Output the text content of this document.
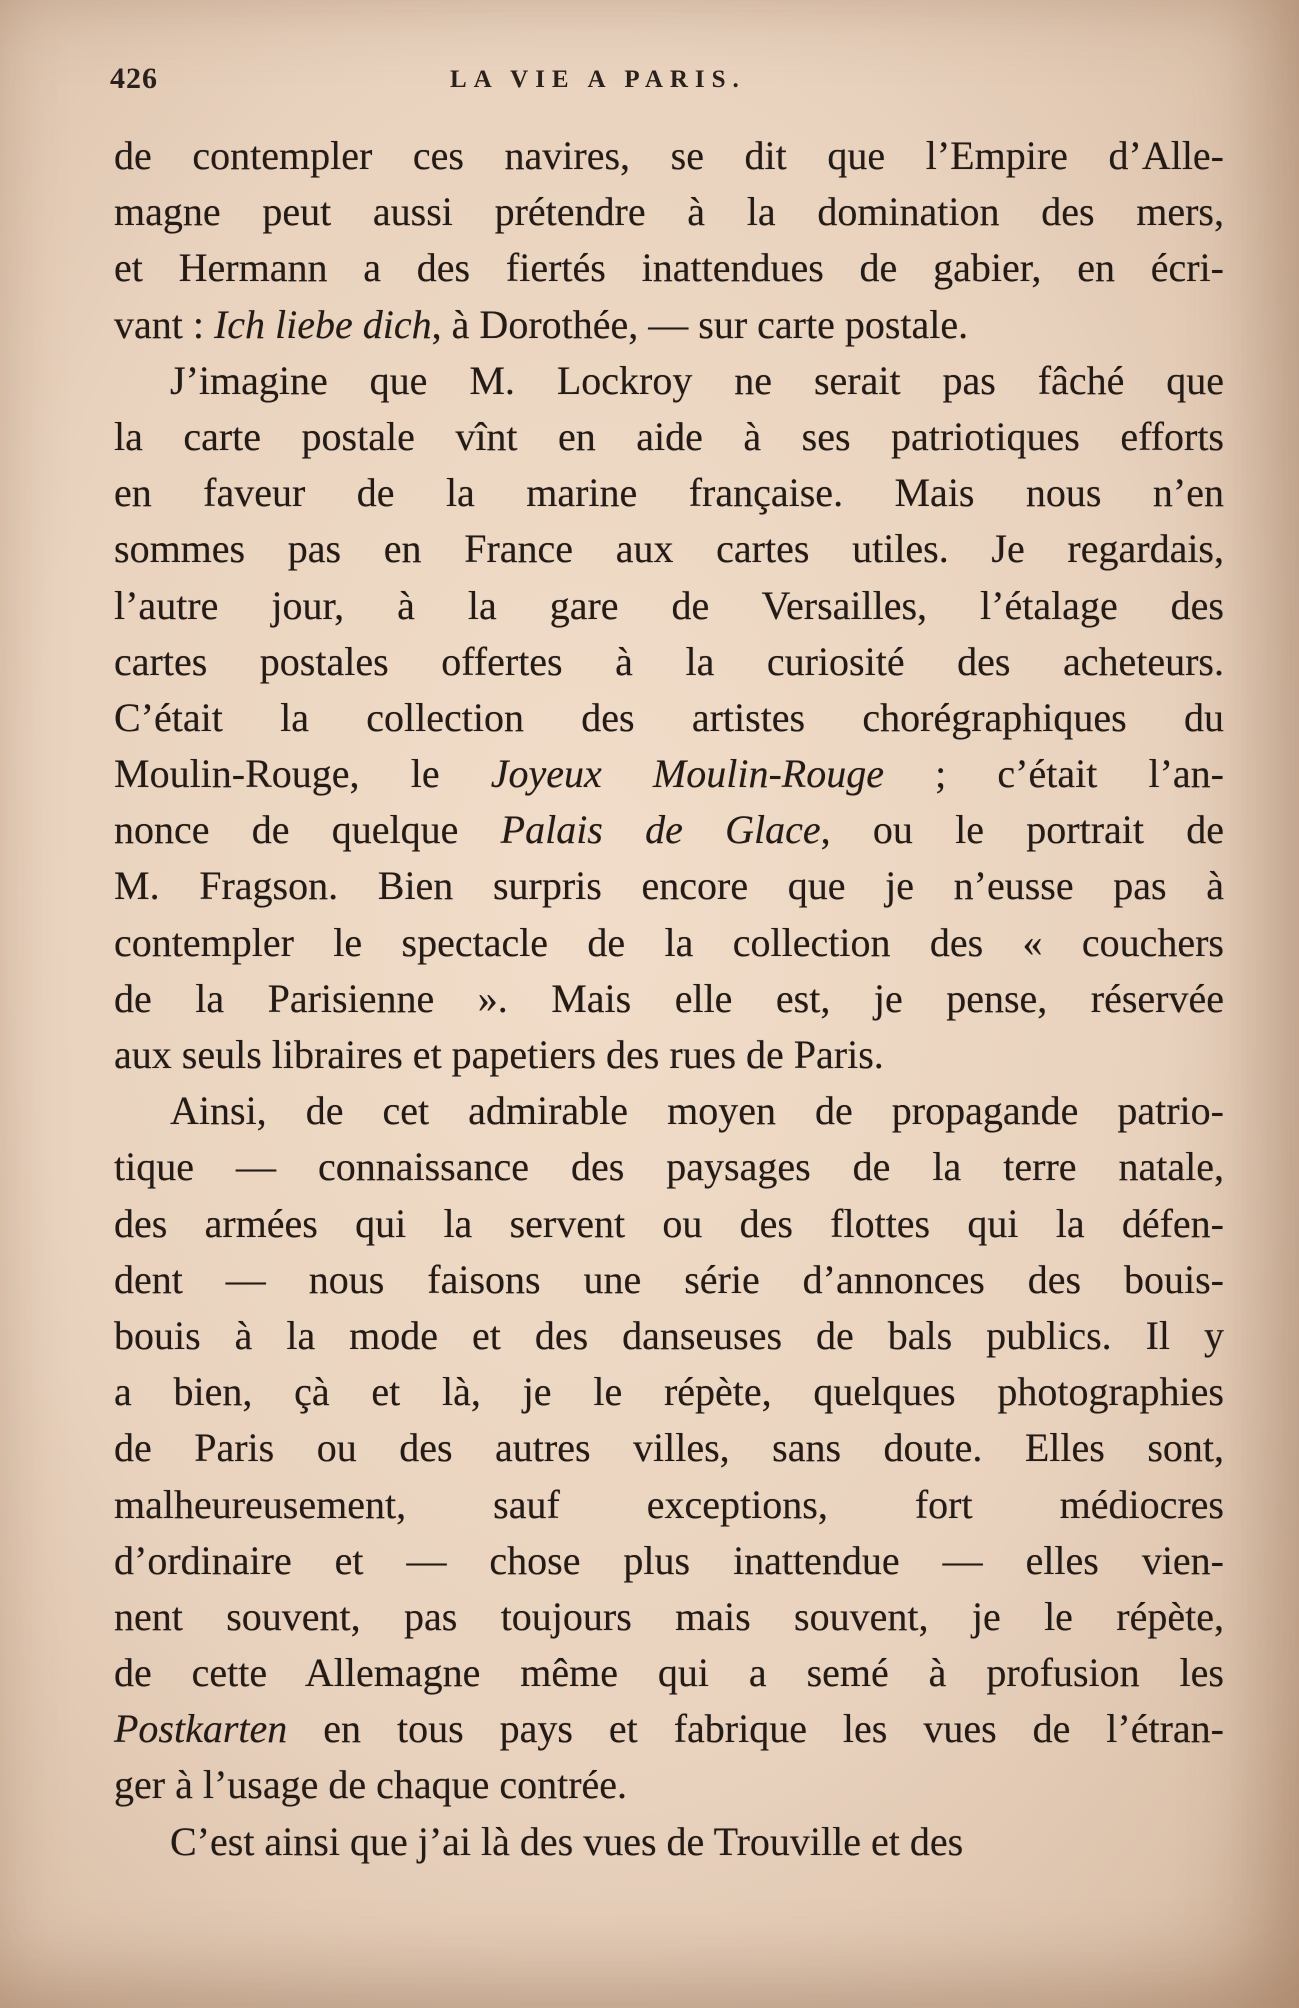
426	LA VIE A PARIS.
de contempler ces navires, se dit que l’Empire d’Alle-
magne peut aussi prétendre à la domination des mers,
et Hermann a des fiertés inattendues de gabier, en écri-
vant : Ich liebe dich, à Dorothée, — sur carte postale.
J’imagine que M. Lockroy ne serait pas fâché que
la carte postale vînt en aide à ses patriotiques efforts
en faveur de la marine française. Mais nous n’en
sommes pas en France aux cartes utiles. Je regardais,
l’autre jour, à la gare de Versailles, l’étalage des
cartes postales offertes à la curiosité des acheteurs.
C’était la collection des artistes chorégraphiques du
Moulin-Rouge, le Joyeux Moulin-Rouge ; c’était l’an-
nonce de quelque Palais de Glace, ou le portrait de
M. Fragson. Bien surpris encore que je n’eusse pas à
contempler le spectacle de la collection des « couchers
de la Parisienne ». Mais elle est, je pense, réservée
aux seuls libraires et papetiers des rues de Paris.
Ainsi, de cet admirable moyen de propagande patrio-
tique — connaissance des paysages de la terre natale,
des armées qui la servent ou des flottes qui la défen-
dent — nous faisons une série d’annonces des bouis-
bouis à la mode et des danseuses de bals publics. Il y
a bien, çà et là, je le répète, quelques photographies
de Paris ou des autres villes, sans doute. Elles sont,
malheureusement, sauf exceptions, fort médiocres
d’ordinaire et — chose plus inattendue — elles vien-
nent souvent, pas toujours mais souvent, je le répète,
de cette Allemagne même qui a semé à profusion les
Postkarten en tous pays et fabrique les vues de l’étran-
ger à l’usage de chaque contrée.
C’est ainsi que j’ai là des vues de Trouville et des
